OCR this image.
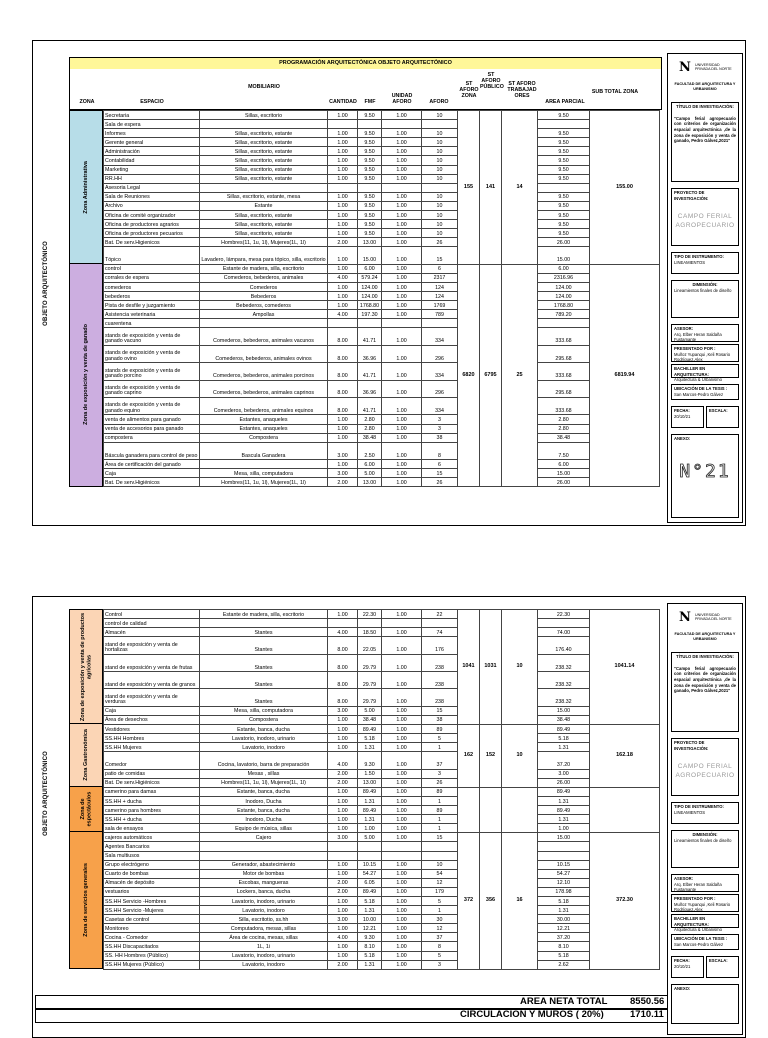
OBJETO ARQUITECTÓNICO
PROGRAMACIÓN ARQUITECTÓNICA OBJETO ARQUITECTÓNICO
ZONA	ESPACIO
MOBILIARIO
CANTIDAD	FMF
UNIDAD AFORO	AFORO
ST AFORO ZONA
ST AFORO PÚBLICO ST AFORO TRABAJAD ORES
AREA PARCIAL
SUB TOTAL ZONA
Zona Administrativa
Zona de exposición y venta de ganado
Secretaria	Sillas, escritorio	1.00	9.50	1.00	10	155	141	14	9.50	155.00
Sala de espera										
Informes	Sillas, escritorio, estante	1.00	9.50	1.00	10				9.50	
Gerente general	Sillas, escritorio, estante	1.00	9.50	1.00	10				9.50	
Administración	Sillas, escritorio, estante	1.00	9.50	1.00	10				9.50	
Contabilidad	Sillas, escritorio, estante	1.00	9.50	1.00	10				9.50	
Marketing	Sillas, escritorio, estante	1.00	9.50	1.00	10				9.50	
RR.HH	Sillas, escritorio, estante	1.00	9.50	1.00	10				9.50	
Asesoria Legal										
Sala de Reuniones	Sillas, escritorio, estante, mesa	1.00	9.50	1.00	10				9.50	
Archivo	Estante	1.00	9.50	1.00	10				9.50	
Oficina de comité organizador	Sillas, escritorio, estante	1.00	9.50	1.00	10				9.50	
Oficina de productores agrarios	Sillas, escritorio, estante	1.00	9.50	1.00	10				9.50	
Oficina de productores pecuarios	Sillas, escritorio, estante	1.00	9.50	1.00	10				9.50	
Bat. De serv.Higienicos	Hombres(11, 1u, 1l), Mujeres(1L, 1l)	2.00	13.00	1.00	26				26.00	
Tópico	Lavadero, lámpara, mesa para tópico, silla, escritorio	1.00	15.00	1.00	15				15.00	
control	Estante de madera, silla, escritorio	1.00	6.00	1.00	6	6820	6795	25	6.00	6819.94
corrales de espera	Comederos, bebederos, animales	4.00	579.24	1.00	2317				2316.96	
comederos	Comederos	1.00	124.00	1.00	124				124.00	
bebederos	Bebederos	1.00	124.00	1.00	124				124.00	
Pista de desfile y juzgamiento	Bebederos, comederos	1.00	1768.80	1.00	1769				1768.80	
Asistencia veterinaria	Ampollas	4.00	197.30	1.00	789				789.20	
cuarentena										
stands de exposición y venta de ganado vacuno	Comederos, bebederos, animales vacunos	8.00	41.71	1.00	334				333.68	
stands de exposición y venta de ganado ovino	Comederos, bebederos, animales ovinos	8.00	36.96	1.00	296				295.68	
stands de exposición y venta de ganado porcino	Comederos, bebederos, animales porcinos	8.00	41.71	1.00	334				333.68	
stands de exposición y venta de ganado caprino	Comederos, bebederos, animales caprinos	8.00	36.96	1.00	296				295.68	
stands de exposición y venta de ganado equino	Comederos, bebederos, animales equinos	8.00	41.71	1.00	334				333.68	
venta de alimentos para ganado	Estantes, anaqueles	1.00	2.80	1.00	3				2.80	
venta de accesorios para ganado	Estantes, anaqueles	1.00	2.80	1.00	3				2.80	
compostera	Compostera	1.00	38.48	1.00	38				38.48	
Báscula ganadera para control de peso	Bascula Ganadera	3.00	2.50	1.00	8				7.50	
Área de certificación del ganado		1.00	6.00	1.00	6				6.00	
Caja	Mesa, silla, computadora	3.00	5.00	1.00	15				15.00	
Bat. De serv.Higiénicos	Hombres(11, 1u, 1l), Mujeres(1L, 1l)	2.00	13.00	1.00	26				26.00	
N UNIVERSIDAD PRIVADA DEL NORTE
FACULTAD DE ARQUITECTURA Y URBANISMO
TÍTULO DE INVESTIGACIÓN:
"Campo ferial agropecuario con criterios de organización espacial arquitectónica ,de la zona de exposición y venta de ganado, Pedro Gálvez,2021"
PROYECTO DE INVESTIGACIÓN:
CAMPO FERIAL AGROPECUARIO
TIPO DE INSTRUMENTO:
LINEAMIENTOS
DIMENSIÓN:
Lineamientos finales de diseño
ASESOR:
Arq. Elber Heran Saldaña Fustamante
PRESENTADO POR :
Muñoz Yupanqui ,Keli Rosario Rodríguez,Alex
BACHILLER EN ARQUITECTURA:
Arquitectura & Urbanismo
UBICACIÓN DE LA TESIS :
San Marcos-Pedro Gálvez
FECHA:
20/10/21
ESCALA:
ANEXO:
N°21
OBJETO ARQUITECTÓNICO
Zona de exposición y venta de productos agrícolas
Zona Gastronómica
Zona de espectáculos
Zona de servicios generales
Control	Estante de madera, silla, escritorio	1.00	22.30	1.00	22	1041	1031	10	22.30	1041.14
control de calidad										
Almacén	Stantes	4.00	18.50	1.00	74				74.00	
stand de exposición y venta de hortalizas	Stantes	8.00	22.05	1.00	176				176.40	
stand de exposición y venta de frutas	Stantes	8.00	29.79	1.00	238				238.32	
stand de exposición y venta de granos	Stantes	8.00	29.79	1.00	238				238.32	
stand de exposición y venta de verduras	Stantes	8.00	29.79	1.00	238				238.32	
Caja	Mesa, silla, computadora	3.00	5.00	1.00	15				15.00	
Área de desechos	Compostera	1.00	38.48	1.00	38				38.48	
Vestidores	Estante, banca, ducha	1.00	89.49	1.00	89	162	152	10	89.49	162.18
SS.HH Hombres	Lavatorio, inodoro, urinario	1.00	5.18	1.00	5				5.18	
SS.HH Mujeres	Lavatorio, inodoro	1.00	1.31	1.00	1				1.31	
Comedor	Cocina, lavatorio, barra de preparación	4.00	9.30	1.00	37				37.20	
patio de comidas	Mesas , sillas	2.00	1.50	1.00	3				3.00	
Bat. De serv.Higiénicos	Hombres(11, 1u, 1l), Mujeres(1L, 1l)	2.00	13.00	1.00	26				26.00	
camerino para damas	Estante, banca, ducha	1.00	89.49	1.00	89				89.49	
SS.HH + ducha	Inodoro, Ducha	1.00	1.31	1.00	1				1.31	
camerino para hombres	Estante, banca, ducha	1.00	89.49	1.00	89				89.49	
SS.HH + ducha	Inodoro, Ducha	1.00	1.31	1.00	1				1.31	
sala de ensayos	Equipo de música, sillas	1.00	1.00	1.00	1				1.00	
cajeros automáticos	Cajero	3.00	5.00	1.00	15	372	356	16	15.00	372.30
Agentes Bancarios										
Sala multiusos										
Grupo electrógeno	Generador, abastecimiento	1.00	10.15	1.00	10				10.15	
Cuarto de bombas	Motor de bombas	1.00	54.27	1.00	54				54.27	
Almacén de depósito	Escobas, mangueras	2.00	6.05	1.00	12				12.10	
vestuarios	Lockers, banca, ducha	2.00	89.49	1.00	179				178.98	
SS.HH Servicio -Hombres	Lavatorio, inodoro, urinario	1.00	5.18	1.00	5				5.18	
SS.HH Servicio -Mujeres	Lavatorio, inodoro	1.00	1.31	1.00	1				1.31	
Casetas de control	Silla, escritotio, ss.hh	3.00	10.00	1.00	30				30.00	
Monitoreo	Computadora, mesas, sillas	1.00	12.21	1.00	12				12.21	
Cocina - Comedor	Área de cocina, mesas, sillas	4.00	9.30	1.00	37				37.20	
SS.HH Discapacitados	1L, 1i	1.00	8.10	1.00	8				8.10	
SS. HH Hombres (Público)	Lavatorio, inodoro, urinario	1.00	5.18	1.00	5				5.18	
SS.HH Mujeres (Público)	Lavatorio, inodoro	2.00	1.31	1.00	3				2.62	
AREA NETA TOTAL 8550.56
CIRCULACION Y MUROS ( 20%)	1710.11
N UNIVERSIDAD PRIVADA DEL NORTE
FACULTAD DE ARQUITECTURA Y URBANISMO
TÍTULO DE INVESTIGACIÓN:
"Campo ferial agropecuario con criterios de organización espacial arquitectónica ,de la zona de exposición y venta de ganado, Pedro Gálvez,2021"
PROYECTO DE INVESTIGACIÓN:
CAMPO FERIAL AGROPECUARIO
TIPO DE INSTRUMENTO:
LINEAMIENTOS
DIMENSIÓN:
Lineamientos finales de diseño
ASESOR:
Arq. Elber Heran Saldaña Fustamante
PRESENTADO POR :
Muñoz Yupanqui ,Keli Rosario Rodríguez,Alex
BACHILLER EN ARQUITECTURA:
Arquitectura & Urbanismo
UBICACIÓN DE LA TESIS :
San Marcos-Pedro Gálvez
FECHA:
20/10/21
ESCALA:
ANEXO:
